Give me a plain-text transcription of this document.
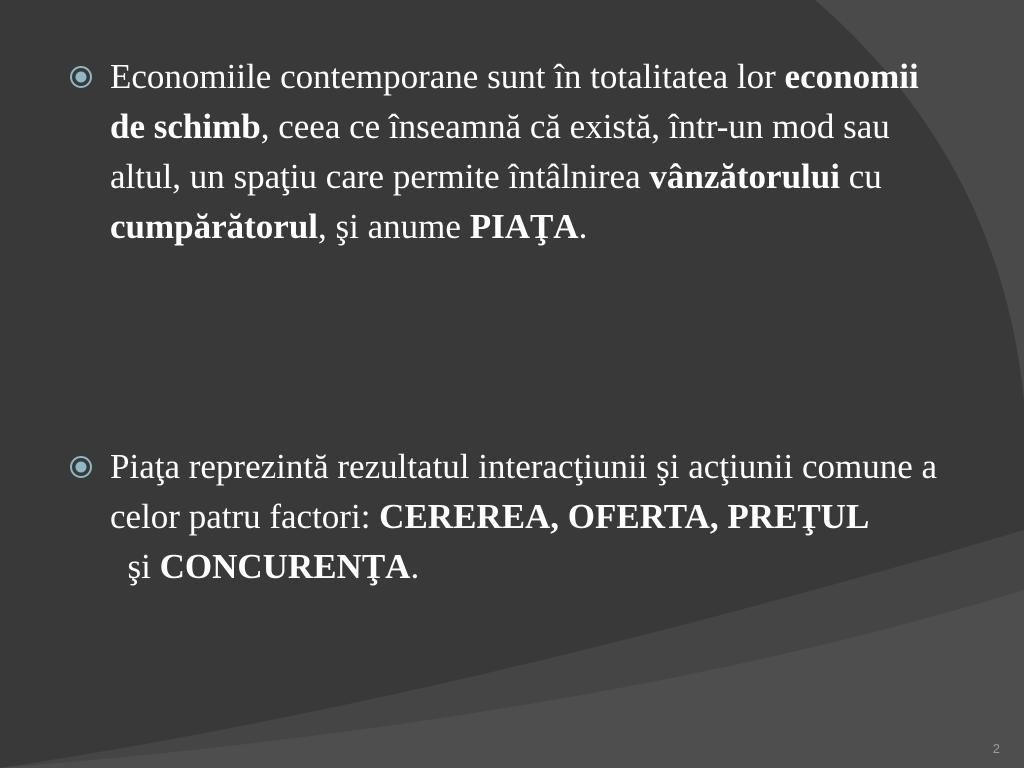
Economiile contemporane sunt în totalitatea lor economii de schimb, ceea ce înseamnă că există, într-un mod sau altul, un spaţiu care permite întâlnirea vânzătorului cu cumpărătorul, şi anume PIAŢA.
Piaţa reprezintă rezultatul interacţiunii şi acţiunii comune a celor patru factori: CEREREA, OFERTA, PREŢUL  şi CONCURENŢA.
2
